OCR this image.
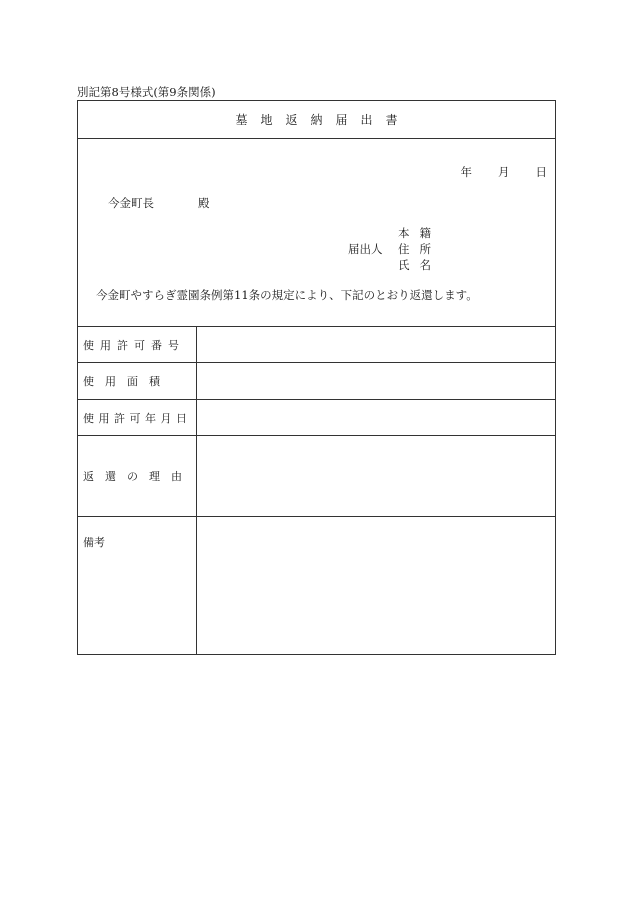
別記第8号様式(第9条関係)
墓地返納届出書
年 月 日
今金町長	殿
届出人
本籍
住所
氏名
今金町やすらぎ霊園条例第11条の規定により、下記のとおり返還します。
使用許可番号
使　用　面　積
使用許可年月日
返　還　の　理　由
備考
